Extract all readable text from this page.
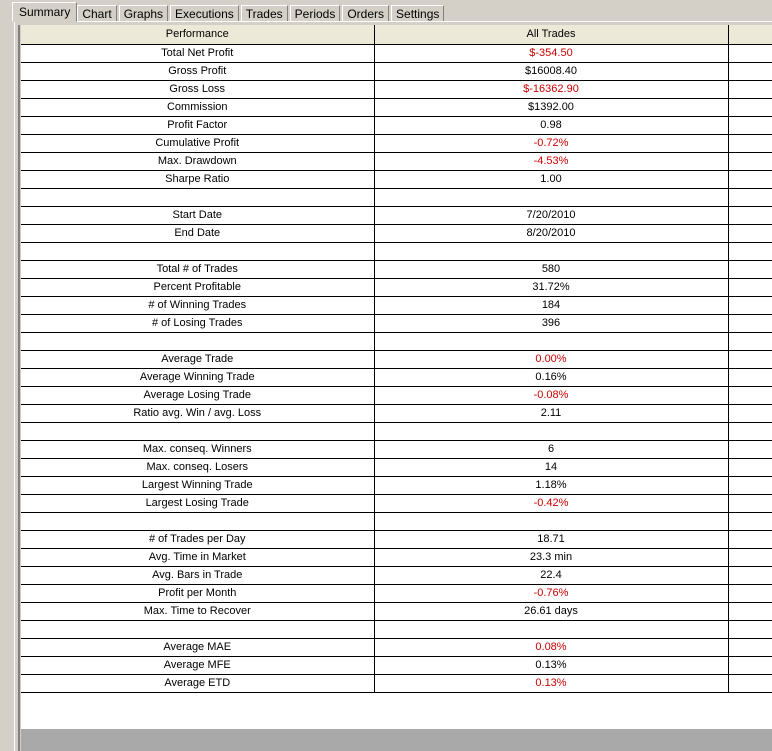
Summary	Chart	Graphs	Executions	Trades	Periods	Orders	Settings
Performance	All Trades	
Total Net Profit	$-354.50	
Gross Profit	$16008.40	
Gross Loss	$-16362.90	
Commission	$1392.00	
Profit Factor	0.98	
Cumulative Profit	-0.72%	
Max. Drawdown	-4.53%	
Sharpe Ratio	1.00	

Start Date	7/20/2010	
End Date	8/20/2010	

Total # of Trades	580	
Percent Profitable	31.72%	
# of Winning Trades	184	
# of Losing Trades	396	

Average Trade	0.00%	
Average Winning Trade	0.16%	
Average Losing Trade	-0.08%	
Ratio avg. Win / avg. Loss	2.11	

Max. conseq. Winners	6	
Max. conseq. Losers	14	
Largest Winning Trade	1.18%	
Largest Losing Trade	-0.42%	

# of Trades per Day	18.71	
Avg. Time in Market	23.3 min	
Avg. Bars in Trade	22.4	
Profit per Month	-0.76%	
Max. Time to Recover	26.61 days	

Average MAE	0.08%	
Average MFE	0.13%	
Average ETD	0.13%	
